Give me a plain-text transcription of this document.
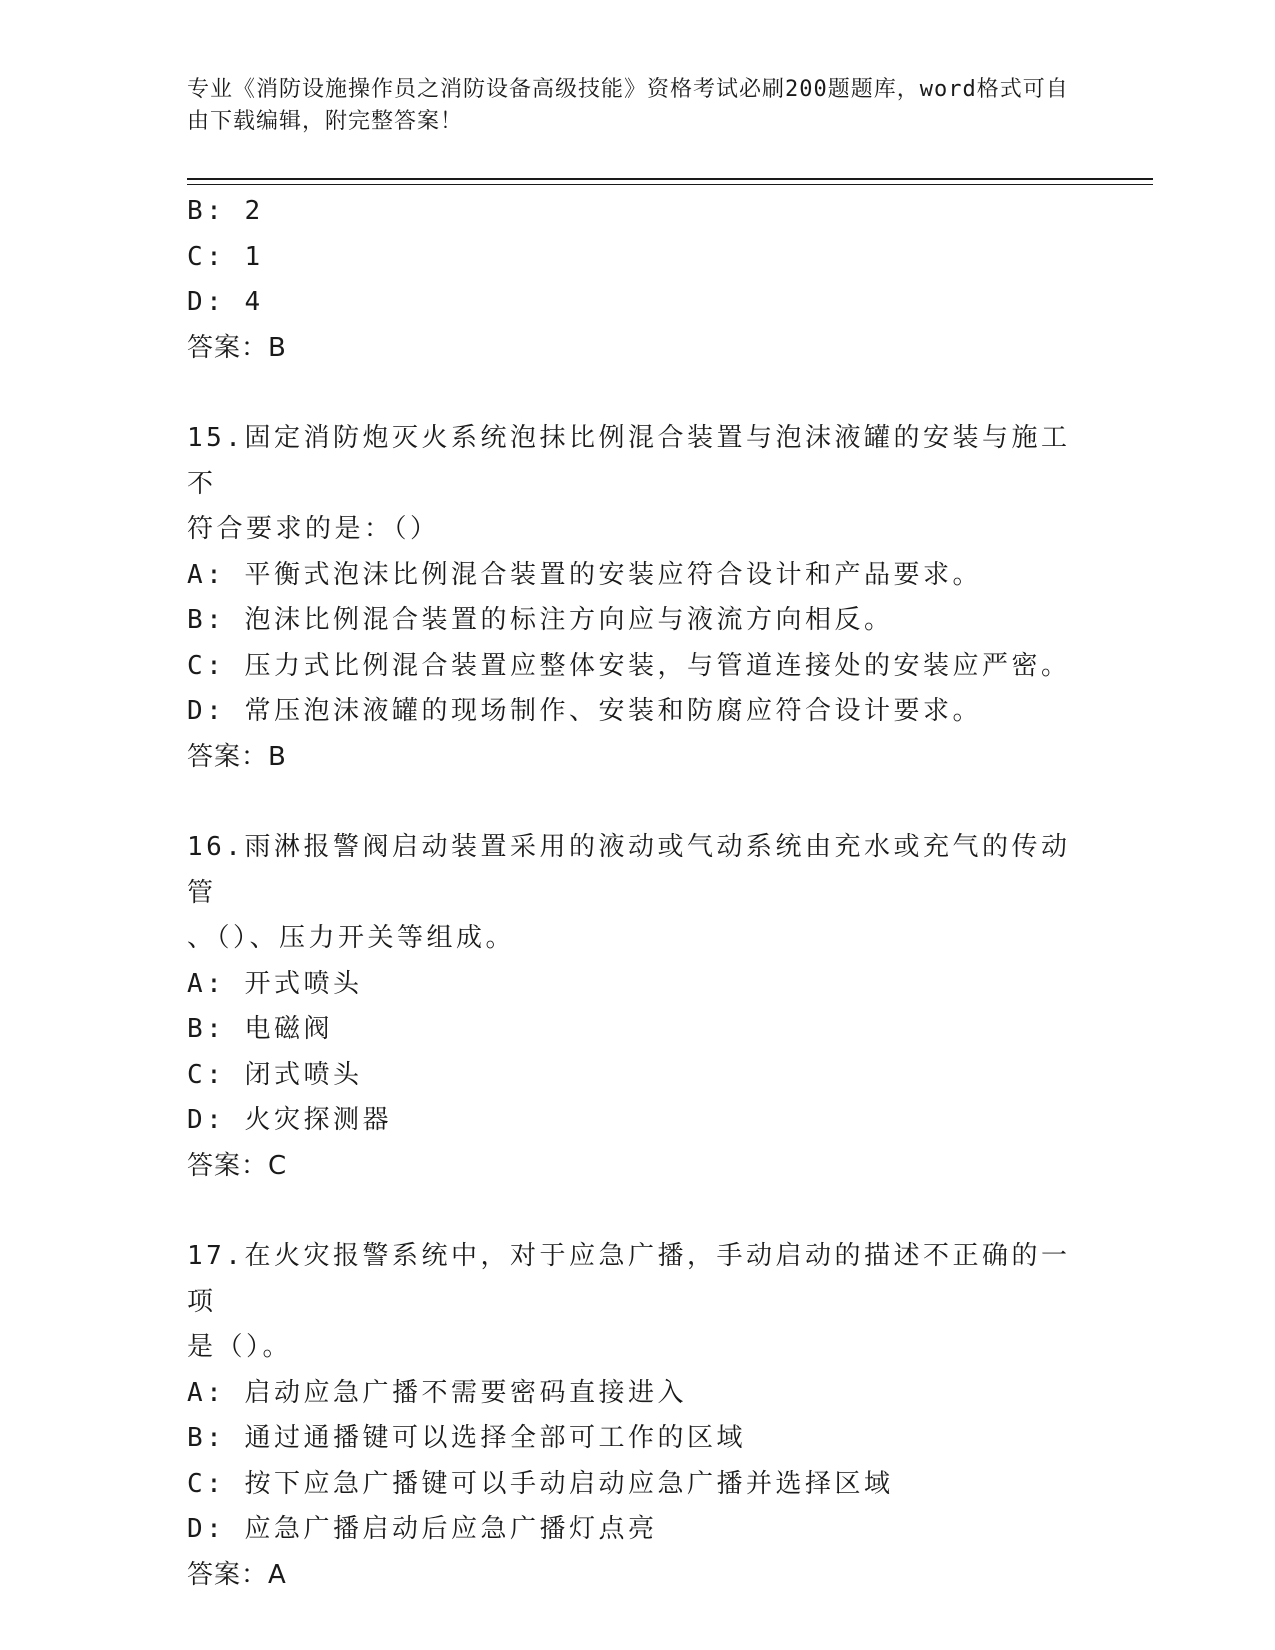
专业《消防设施操作员之消防设备高级技能》资格考试必刷200题题库，word格式可自由下载编辑，附完整答案！
B: 2
C: 1
D: 4
答案：B
15.固定消防炮灭火系统泡抹比例混合装置与泡沫液罐的安装与施工不
符合要求的是：（）
A: 平衡式泡沫比例混合装置的安装应符合设计和产品要求。
B: 泡沫比例混合装置的标注方向应与液流方向相反。
C: 压力式比例混合装置应整体安装，与管道连接处的安装应严密。
D: 常压泡沫液罐的现场制作、安装和防腐应符合设计要求。
答案：B
16.雨淋报警阀启动装置采用的液动或气动系统由充水或充气的传动管
、（）、压力开关等组成。
A: 开式喷头
B: 电磁阀
C: 闭式喷头
D: 火灾探测器
答案：C
17.在火灾报警系统中，对于应急广播，手动启动的描述不正确的一项
是（）。
A: 启动应急广播不需要密码直接进入
B: 通过通播键可以选择全部可工作的区域
C: 按下应急广播键可以手动启动应急广播并选择区域
D: 应急广播启动后应急广播灯点亮
答案：A
